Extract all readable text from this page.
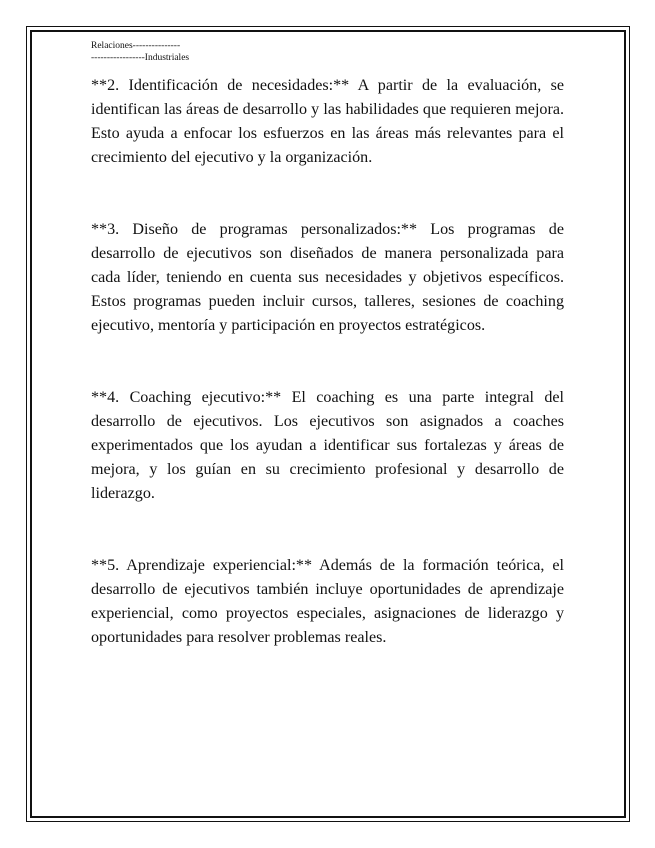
Relaciones---------------
-----------------Industriales

**2. Identificación de necesidades:** A partir de la evaluación, se identifican las áreas de desarrollo y las habilidades que requieren mejora. Esto ayuda a enfocar los esfuerzos en las áreas más relevantes para el crecimiento del ejecutivo y la organización.

**3. Diseño de programas personalizados:** Los programas de desarrollo de ejecutivos son diseñados de manera personalizada para cada líder, teniendo en cuenta sus necesidades y objetivos específicos. Estos programas pueden incluir cursos, talleres, sesiones de coaching ejecutivo, mentoría y participación en proyectos estratégicos.

**4. Coaching ejecutivo:** El coaching es una parte integral del desarrollo de ejecutivos. Los ejecutivos son asignados a coaches experimentados que los ayudan a identificar sus fortalezas y áreas de mejora, y los guían en su crecimiento profesional y desarrollo de liderazgo.

**5. Aprendizaje experiencial:** Además de la formación teórica, el desarrollo de ejecutivos también incluye oportunidades de aprendizaje experiencial, como proyectos especiales, asignaciones de liderazgo y oportunidades para resolver problemas reales.
